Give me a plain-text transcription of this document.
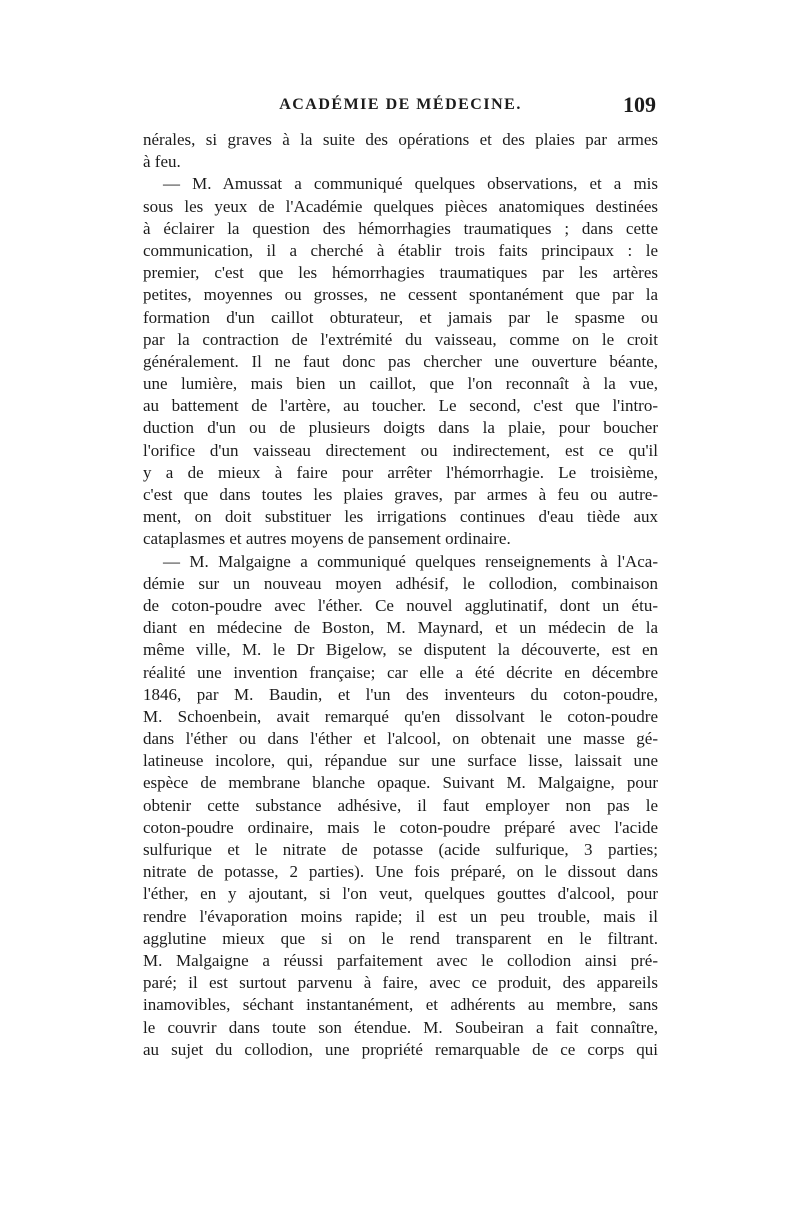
ACADÉMIE DE MÉDECINE.	109
nérales, si graves à la suite des opérations et des plaies par armes
à feu.
— M. Amussat a communiqué quelques observations, et a mis
sous les yeux de l'Académie quelques pièces anatomiques destinées
à éclairer la question des hémorrhagies traumatiques ; dans cette
communication, il a cherché à établir trois faits principaux : le
premier, c'est que les hémorrhagies traumatiques par les artères
petites, moyennes ou grosses, ne cessent spontanément que par la
formation d'un caillot obturateur, et jamais par le spasme ou
par la contraction de l'extrémité du vaisseau, comme on le croit
généralement. Il ne faut donc pas chercher une ouverture béante,
une lumière, mais bien un caillot, que l'on reconnaît à la vue,
au battement de l'artère, au toucher. Le second, c'est que l'intro-
duction d'un ou de plusieurs doigts dans la plaie, pour boucher
l'orifice d'un vaisseau directement ou indirectement, est ce qu'il
y a de mieux à faire pour arrêter l'hémorrhagie. Le troisième,
c'est que dans toutes les plaies graves, par armes à feu ou autre-
ment, on doit substituer les irrigations continues d'eau tiède aux
cataplasmes et autres moyens de pansement ordinaire.
— M. Malgaigne a communiqué quelques renseignements à l'Aca-
démie sur un nouveau moyen adhésif, le collodion, combinaison
de coton-poudre avec l'éther. Ce nouvel agglutinatif, dont un étu-
diant en médecine de Boston, M. Maynard, et un médecin de la
même ville, M. le Dr Bigelow, se disputent la découverte, est en
réalité une invention française; car elle a été décrite en décembre
1846, par M. Baudin, et l'un des inventeurs du coton-poudre,
M. Schoenbein, avait remarqué qu'en dissolvant le coton-poudre
dans l'éther ou dans l'éther et l'alcool, on obtenait une masse gé-
latineuse incolore, qui, répandue sur une surface lisse, laissait une
espèce de membrane blanche opaque. Suivant M. Malgaigne, pour
obtenir cette substance adhésive, il faut employer non pas le
coton-poudre ordinaire, mais le coton-poudre préparé avec l'acide
sulfurique et le nitrate de potasse (acide sulfurique, 3 parties;
nitrate de potasse, 2 parties). Une fois préparé, on le dissout dans
l'éther, en y ajoutant, si l'on veut, quelques gouttes d'alcool, pour
rendre l'évaporation moins rapide; il est un peu trouble, mais il
agglutine mieux que si on le rend transparent en le filtrant.
M. Malgaigne a réussi parfaitement avec le collodion ainsi pré-
paré; il est surtout parvenu à faire, avec ce produit, des appareils
inamovibles, séchant instantanément, et adhérents au membre, sans
le couvrir dans toute son étendue. M. Soubeiran a fait connaître,
au sujet du collodion, une propriété remarquable de ce corps qui
